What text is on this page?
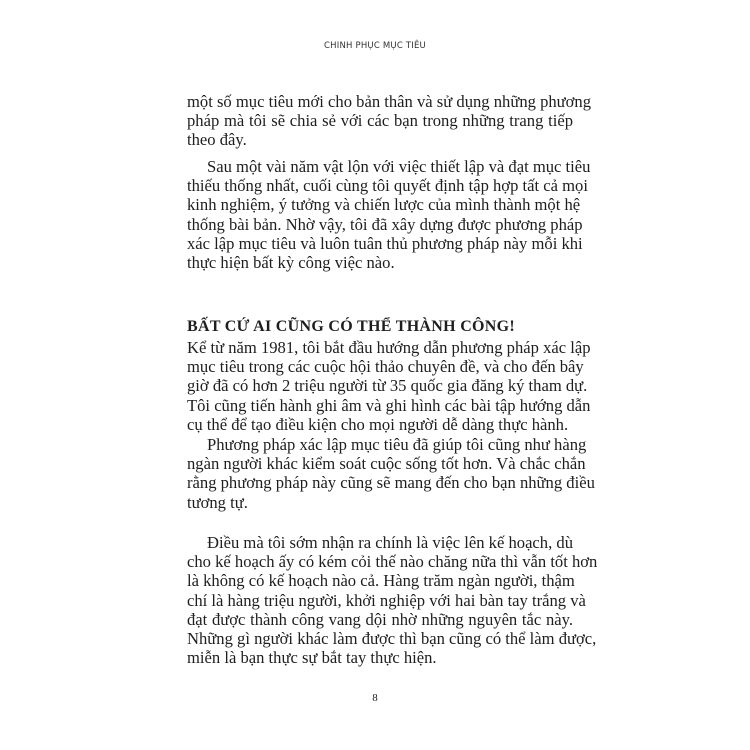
CHINH PHỤC MỤC TIÊU
một số mục tiêu mới cho bản thân và sử dụng những phương
pháp mà tôi sẽ chia sẻ với các bạn trong những trang tiếp
theo đây.
Sau một vài năm vật lộn với việc thiết lập và đạt mục tiêu
thiếu thống nhất, cuối cùng tôi quyết định tập hợp tất cả mọi
kinh nghiệm, ý tưởng và chiến lược của mình thành một hệ
thống bài bản. Nhờ vậy, tôi đã xây dựng được phương pháp
xác lập mục tiêu và luôn tuân thủ phương pháp này mỗi khi
thực hiện bất kỳ công việc nào.
BẤT CỨ AI CŨNG CÓ THỂ THÀNH CÔNG!
Kể từ năm 1981, tôi bắt đầu hướng dẫn phương pháp xác lập
mục tiêu trong các cuộc hội thảo chuyên đề, và cho đến bây
giờ đã có hơn 2 triệu người từ 35 quốc gia đăng ký tham dự.
Tôi cũng tiến hành ghi âm và ghi hình các bài tập hướng dẫn
cụ thể để tạo điều kiện cho mọi người dễ dàng thực hành.
Phương pháp xác lập mục tiêu đã giúp tôi cũng như hàng
ngàn người khác kiểm soát cuộc sống tốt hơn. Và chắc chắn
rằng phương pháp này cũng sẽ mang đến cho bạn những điều
tương tự.
Điều mà tôi sớm nhận ra chính là việc lên kế hoạch, dù
cho kế hoạch ấy có kém cỏi thế nào chăng nữa thì vẫn tốt hơn
là không có kế hoạch nào cả. Hàng trăm ngàn người, thậm
chí là hàng triệu người, khởi nghiệp với hai bàn tay trắng và
đạt được thành công vang dội nhờ những nguyên tắc này.
Những gì người khác làm được thì bạn cũng có thể làm được,
miễn là bạn thực sự bắt tay thực hiện.
8
